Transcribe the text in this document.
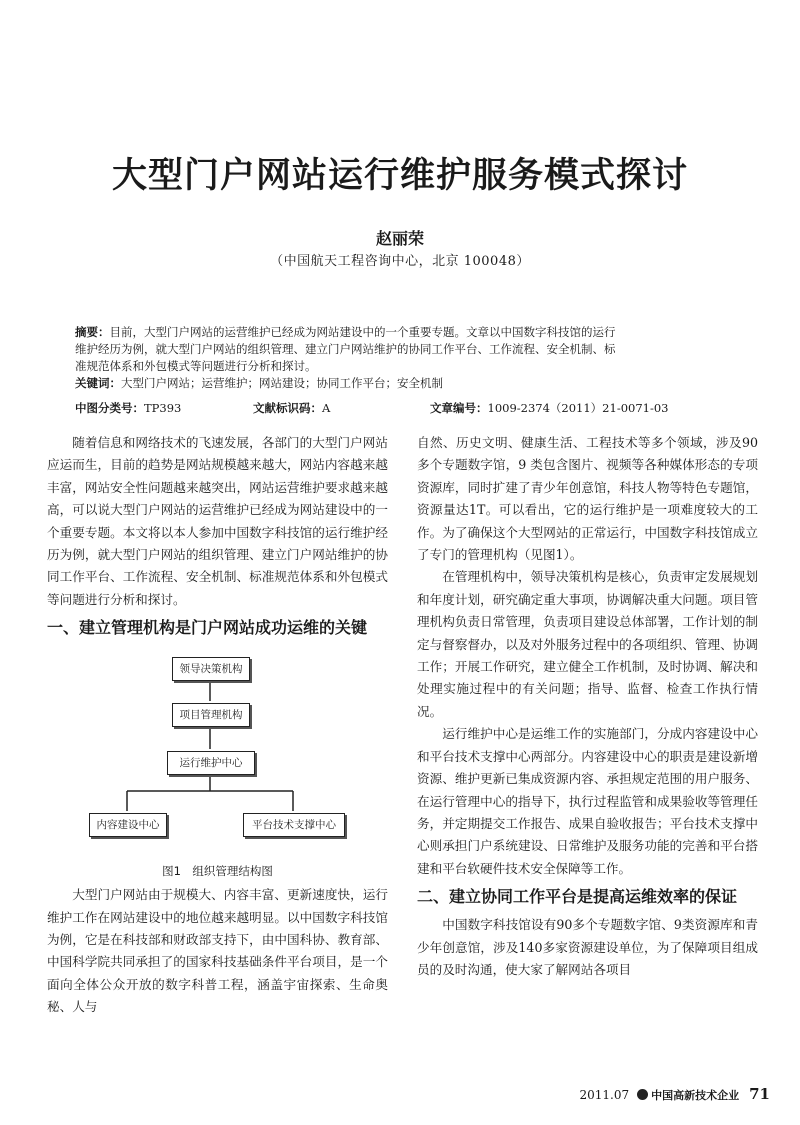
大型门户网站运行维护服务模式探讨
赵丽荣
（中国航天工程咨询中心，北京 100048）

摘要：目前，大型门户网站的运营维护已经成为网站建设中的一个重要专题。文章以中国数字科技馆的运行

维护经历为例，就大型门户网站的组织管理、建立门户网站维护的协同工作平台、工作流程、安全机制、标

准规范体系和外包模式等问题进行分析和探讨。

关键词：大型门户网站；运营维护；网站建设；协同工作平台；安全机制

中图分类号：TP393	文献标识码：A	文章编号：1009-2374（2011）21-0071-03

随着信息和网络技术的飞速发展，各部门的大型门户网站应运而生，目前的趋势是网站规模越来越大，网站内容越来越丰富，网站安全性问题越来越突出，网站运营维护要求越来越高，可以说大型门户网站的运营维护已经成为网站建设中的一个重要专题。本文将以本人参加中国数字科技馆的运行维护经历为例，就大型门户网站的组织管理、建立门户网站维护的协同工作平台、工作流程、安全机制、标准规范体系和外包模式等问题进行分析和探讨。

一、建立管理机构是门户网站成功运维的关键
领导决策机构
项目管理机构
运行维护中心
内容建设中心	平台技术支撑中心
图1　组织管理结构图

大型门户网站由于规模大、内容丰富、更新速度快，运行维护工作在网站建设中的地位越来越明显。以中国数字科技馆为例，它是在科技部和财政部支持下，由中国科协、教育部、中国科学院共同承担了的国家科技基础条件平台项目，是一个面向全体公众开放的数字科普工程，涵盖宇宙探索、生命奥秘、人与

自然、历史文明、健康生活、工程技术等多个领域，涉及90多个专题数字馆，9 类包含图片、视频等各种媒体形态的专项资源库，同时扩建了青少年创意馆，科技人物等特色专题馆，资源量达1T。可以看出，它的运行维护是一项难度较大的工作。为了确保这个大型网站的正常运行，中国数字科技馆成立了专门的管理机构（见图1）。

在管理机构中，领导决策机构是核心，负责审定发展规划和年度计划，研究确定重大事项，协调解决重大问题。项目管理机构负责日常管理，负责项目建设总体部署，工作计划的制定与督察督办，以及对外服务过程中的各项组织、管理、协调工作；开展工作研究，建立健全工作机制，及时协调、解决和处理实施过程中的有关问题；指导、监督、检查工作执行情况。

运行维护中心是运维工作的实施部门，分成内容建设中心和平台技术支撑中心两部分。内容建设中心的职责是建设新增资源、维护更新已集成资源内容、承担规定范围的用户服务、在运行管理中心的指导下，执行过程监管和成果验收等管理任务，并定期提交工作报告、成果自验收报告；平台技术支撑中心则承担门户系统建设、日常维护及服务功能的完善和平台搭建和平台软硬件技术安全保障等工作。

二、建立协同工作平台是提高运维效率的保证

中国数字科技馆设有90多个专题数字馆、9类资源库和青少年创意馆，涉及140多家资源建设单位，为了保障项目组成员的及时沟通，使大家了解网站各项目

2011.07 中国高新技术企业 71
